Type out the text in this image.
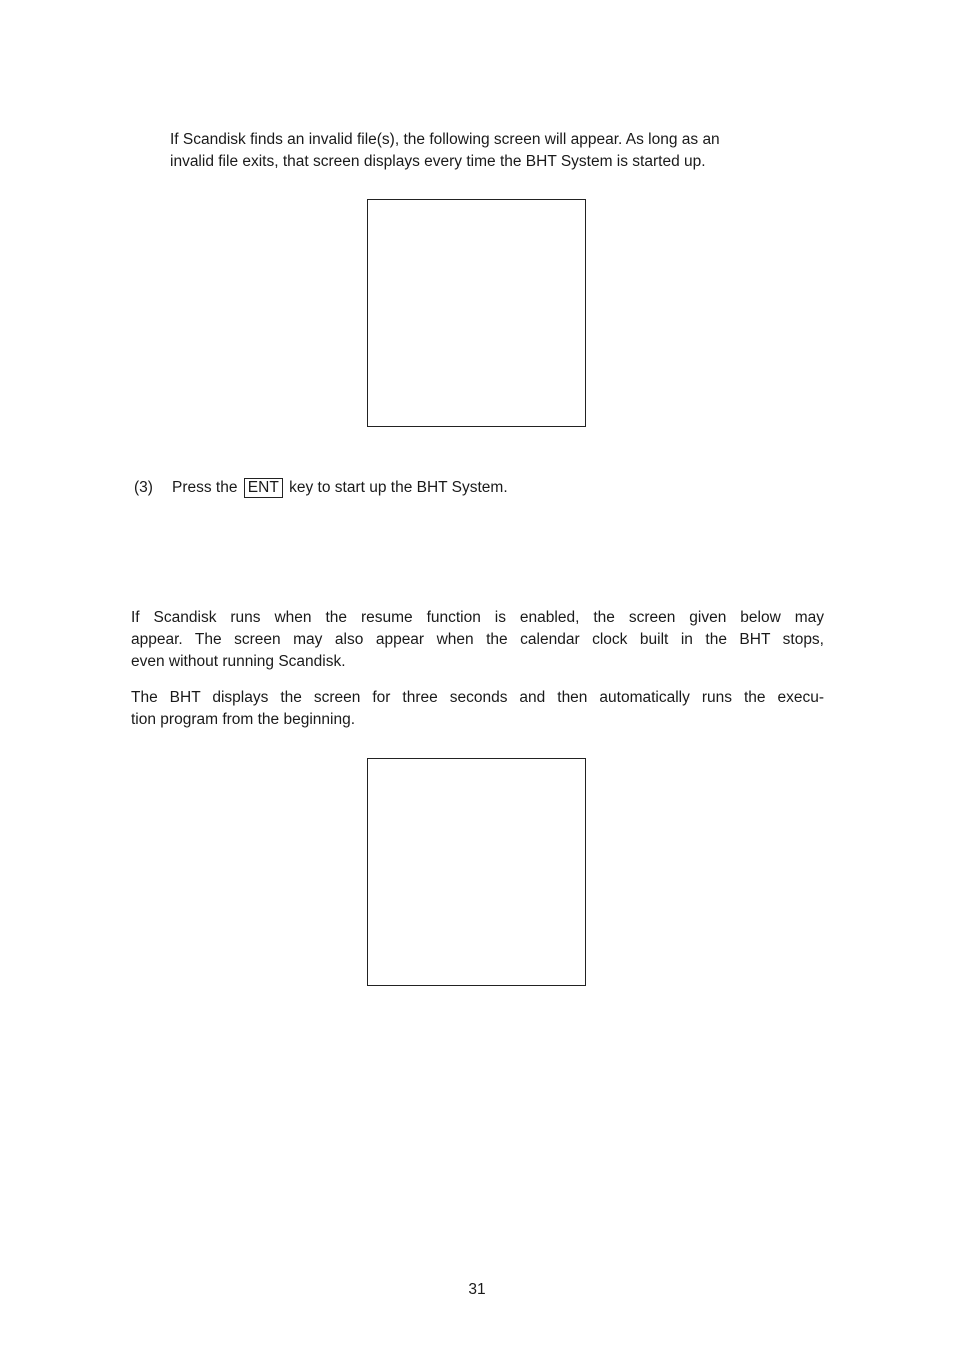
If Scandisk finds an invalid file(s), the following screen will appear. As long as an
invalid file exits, that screen displays every time the BHT System is started up.
(3) Press the ENT key to start up the BHT System.
If Scandisk runs when the resume function is enabled, the screen given below may
appear. The screen may also appear when the calendar clock built in the BHT stops,
even without running Scandisk.
The BHT displays the screen for three seconds and then automatically runs the execu-
tion program from the beginning.
31
